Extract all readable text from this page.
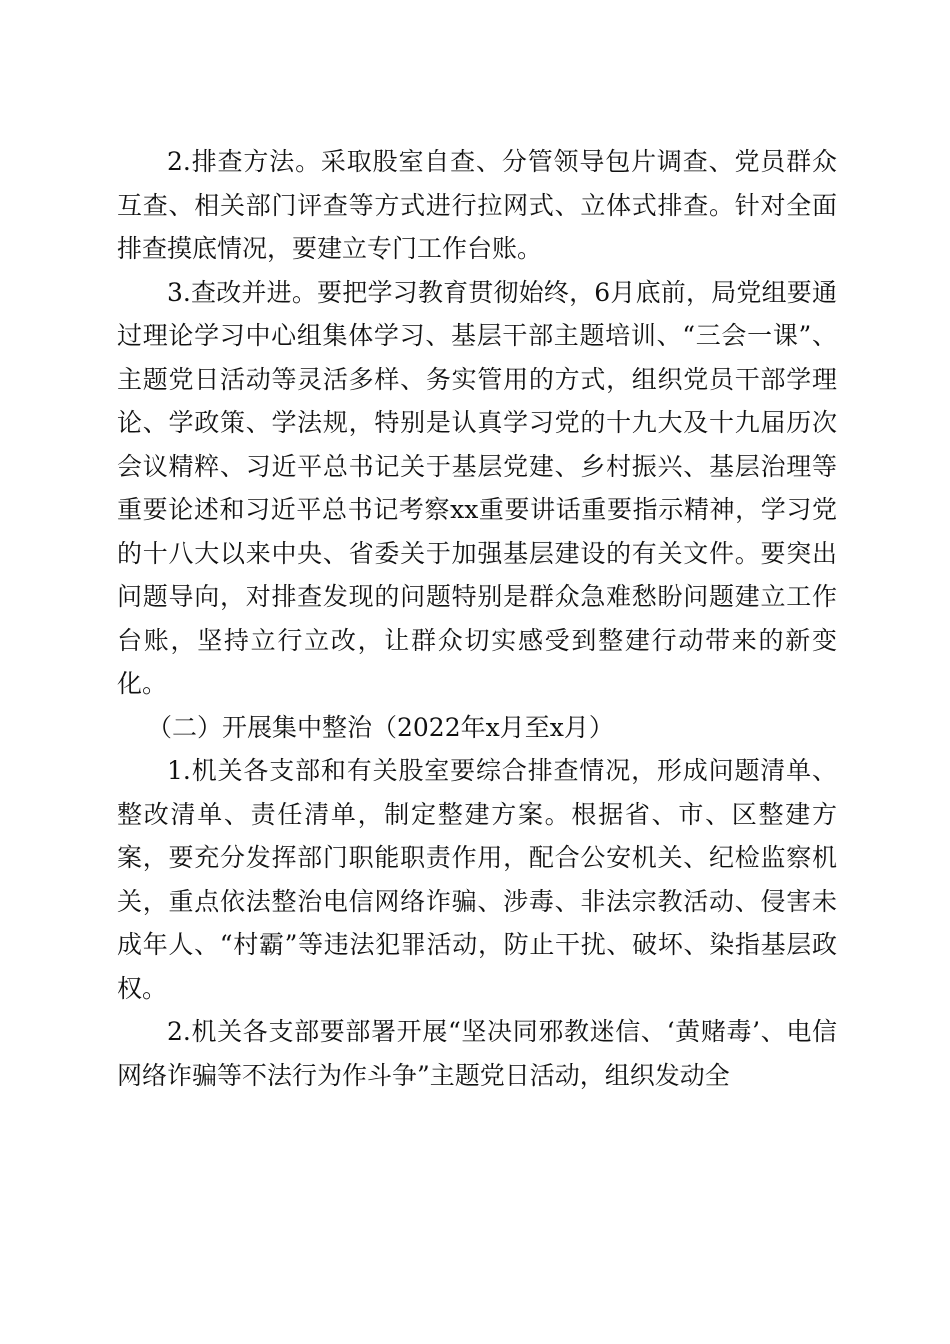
2.排查方法。采取股室自查、分管领导包片调查、党员群众互查、相关部门评查等方式进行拉网式、立体式排查。针对全面排查摸底情况，要建立专门工作台账。

3.查改并进。要把学习教育贯彻始终，6月底前，局党组要通过理论学习中心组集体学习、基层干部主题培训、“三会一课”、主题党日活动等灵活多样、务实管用的方式，组织党员干部学理论、学政策、学法规，特别是认真学习党的十九大及十九届历次会议精粹、习近平总书记关于基层党建、乡村振兴、基层治理等重要论述和习近平总书记考察xx重要讲话重要指示精神，学习党的十八大以来中央、省委关于加强基层建设的有关文件。要突出问题导向，对排查发现的问题特别是群众急难愁盼问题建立工作台账，坚持立行立改，让群众切实感受到整建行动带来的新变化。

（二）开展集中整治（2022年x月至x月）

1.机关各支部和有关股室要综合排查情况，形成问题清单、整改清单、责任清单，制定整建方案。根据省、市、区整建方案，要充分发挥部门职能职责作用，配合公安机关、纪检监察机关，重点依法整治电信网络诈骗、涉毒、非法宗教活动、侵害未成年人、“村霸”等违法犯罪活动，防止干扰、破坏、染指基层政权。

2.机关各支部要部署开展“坚决同邪教迷信、‘黄赌毒’、电信网络诈骗等不法行为作斗争”主题党日活动，组织发动全
